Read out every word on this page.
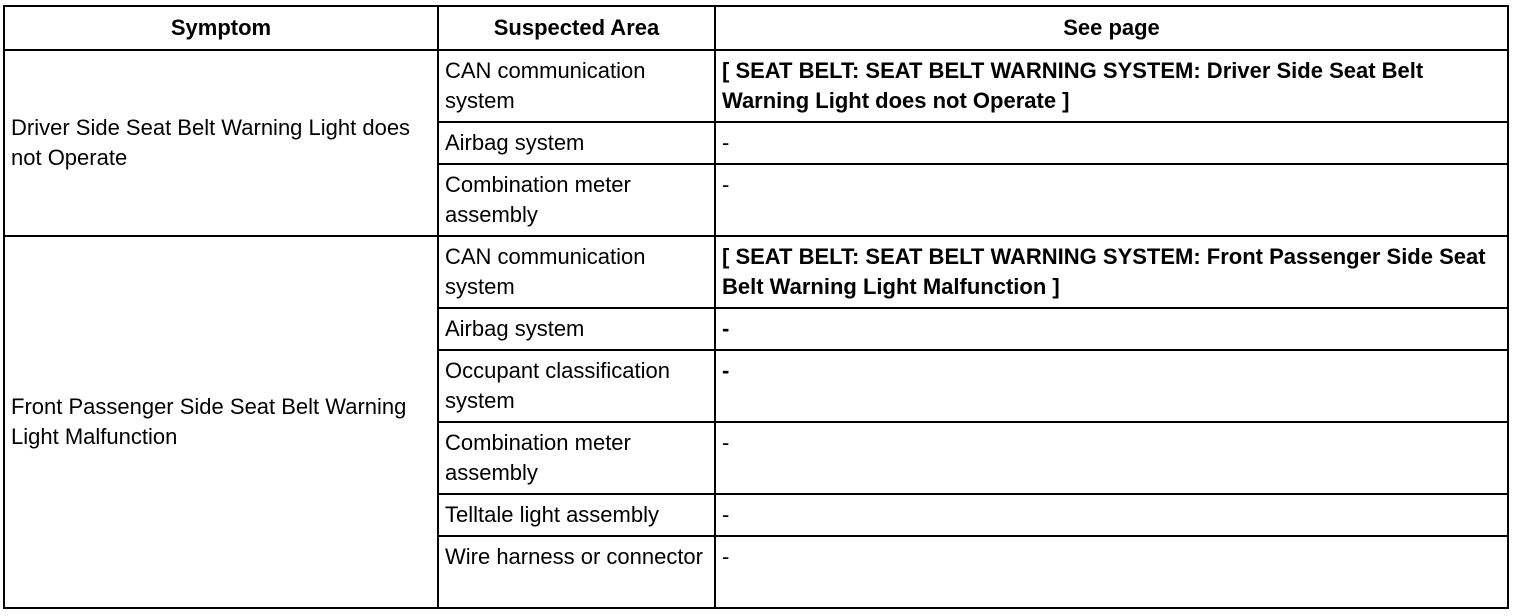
Symptom	Suspected Area	See page
Driver Side Seat Belt Warning Light does not Operate	CAN communication system	[ SEAT BELT: SEAT BELT WARNING SYSTEM: Driver Side Seat Belt Warning Light does not Operate ]
	Airbag system	-
	Combination meter assembly	-
Front Passenger Side Seat Belt Warning Light Malfunction	CAN communication system	[ SEAT BELT: SEAT BELT WARNING SYSTEM: Front Passenger Side Seat Belt Warning Light Malfunction ]
	Airbag system	-
	Occupant classification system	-
	Combination meter assembly	-
	Telltale light assembly	-
	Wire harness or connector	-
